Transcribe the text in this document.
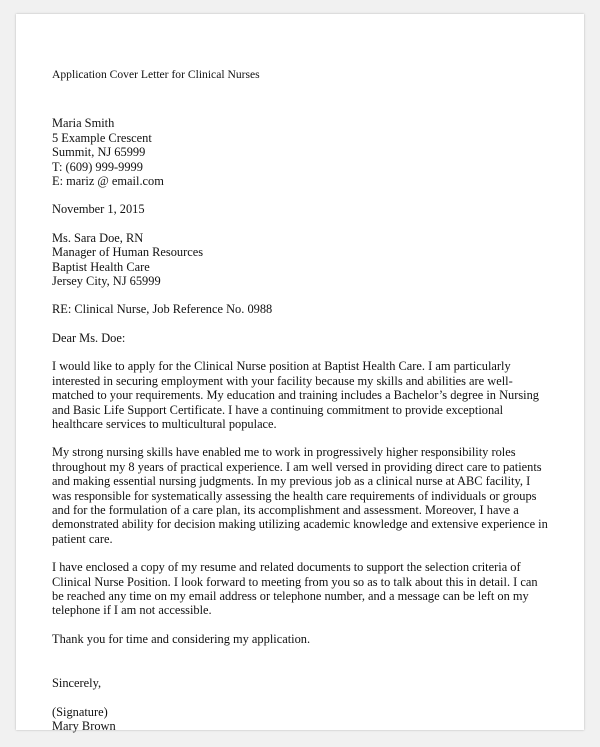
Application Cover Letter for Clinical Nurses
Maria Smith
5 Example Crescent
Summit, NJ 65999
T: (609) 999-9999
E: mariz @ email.com
November 1, 2015
Ms. Sara Doe, RN
Manager of Human Resources
Baptist Health Care
Jersey City, NJ 65999
RE: Clinical Nurse, Job Reference No. 0988
Dear Ms. Doe:
I would like to apply for the Clinical Nurse position at Baptist Health Care. I am particularly
interested in securing employment with your facility because my skills and abilities are well-
matched to your requirements. My education and training includes a Bachelor’s degree in Nursing
and Basic Life Support Certificate. I have a continuing commitment to provide exceptional
healthcare services to multicultural populace.
My strong nursing skills have enabled me to work in progressively higher responsibility roles
throughout my 8 years of practical experience. I am well versed in providing direct care to patients
and making essential nursing judgments. In my previous job as a clinical nurse at ABC facility, I
was responsible for systematically assessing the health care requirements of individuals or groups
and for the formulation of a care plan, its accomplishment and assessment. Moreover, I have a
demonstrated ability for decision making utilizing academic knowledge and extensive experience in
patient care.
I have enclosed a copy of my resume and related documents to support the selection criteria of
Clinical Nurse Position. I look forward to meeting from you so as to talk about this in detail. I can
be reached any time on my email address or telephone number, and a message can be left on my
telephone if I am not accessible.
Thank you for time and considering my application.
Sincerely,
(Signature)
Mary Brown
